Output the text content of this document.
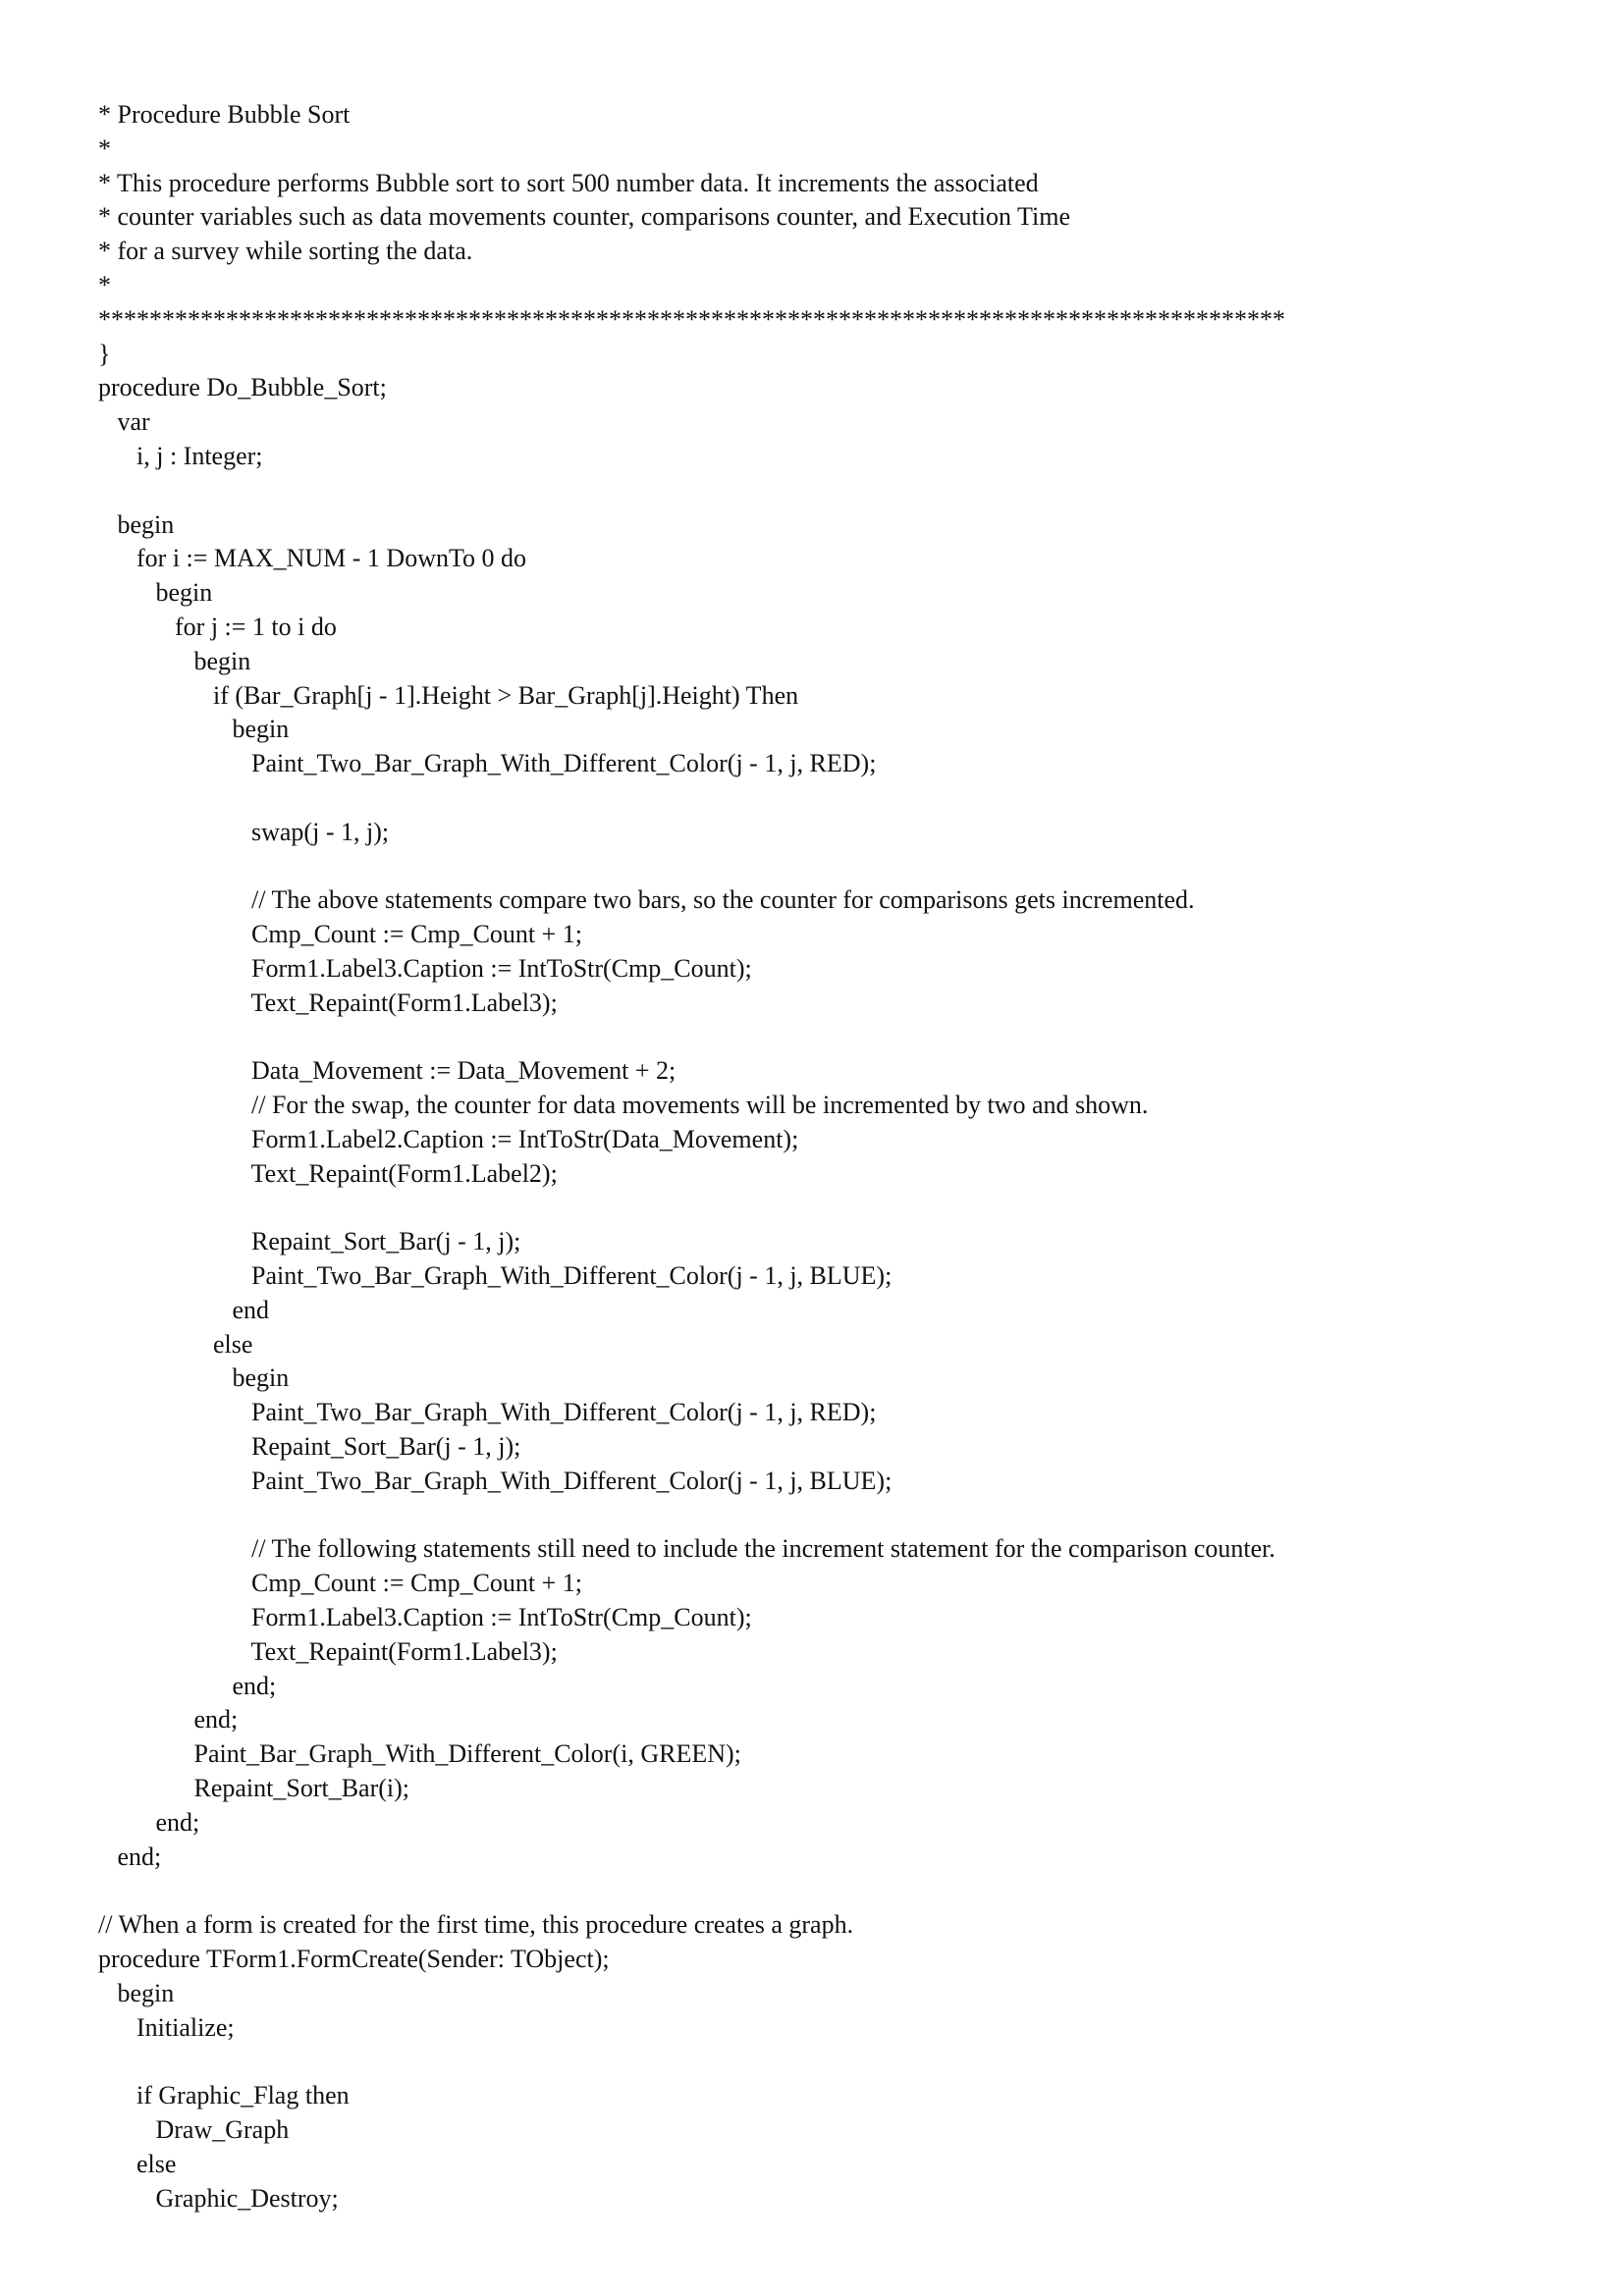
* Procedure Bubble Sort
*
* This procedure performs Bubble sort to sort 500 number data. It increments the associated
* counter variables such as data movements counter, comparisons counter, and Execution Time
* for a survey while sorting the data.
*
*********************************************************************************************
}
procedure Do_Bubble_Sort;
var
i, j : Integer;
begin
for i := MAX_NUM - 1 DownTo 0 do
begin
for j := 1 to i do
begin
if (Bar_Graph[j - 1].Height > Bar_Graph[j].Height) Then
begin
Paint_Two_Bar_Graph_With_Different_Color(j - 1, j, RED);
swap(j - 1, j);
// The above statements compare two bars, so the counter for comparisons gets incremented.
Cmp_Count := Cmp_Count + 1;
Form1.Label3.Caption := IntToStr(Cmp_Count);
Text_Repaint(Form1.Label3);
Data_Movement := Data_Movement + 2;
// For the swap, the counter for data movements will be incremented by two and shown.
Form1.Label2.Caption := IntToStr(Data_Movement);
Text_Repaint(Form1.Label2);
Repaint_Sort_Bar(j - 1, j);
Paint_Two_Bar_Graph_With_Different_Color(j - 1, j, BLUE);
end
else
begin
Paint_Two_Bar_Graph_With_Different_Color(j - 1, j, RED);
Repaint_Sort_Bar(j - 1, j);
Paint_Two_Bar_Graph_With_Different_Color(j - 1, j, BLUE);
// The following statements still need to include the increment statement for the comparison counter.
Cmp_Count := Cmp_Count + 1;
Form1.Label3.Caption := IntToStr(Cmp_Count);
Text_Repaint(Form1.Label3);
end;
end;
Paint_Bar_Graph_With_Different_Color(i, GREEN);
Repaint_Sort_Bar(i);
end;
end;
// When a form is created for the first time, this procedure creates a graph.
procedure TForm1.FormCreate(Sender: TObject);
begin
Initialize;
if Graphic_Flag then
Draw_Graph
else
Graphic_Destroy;
